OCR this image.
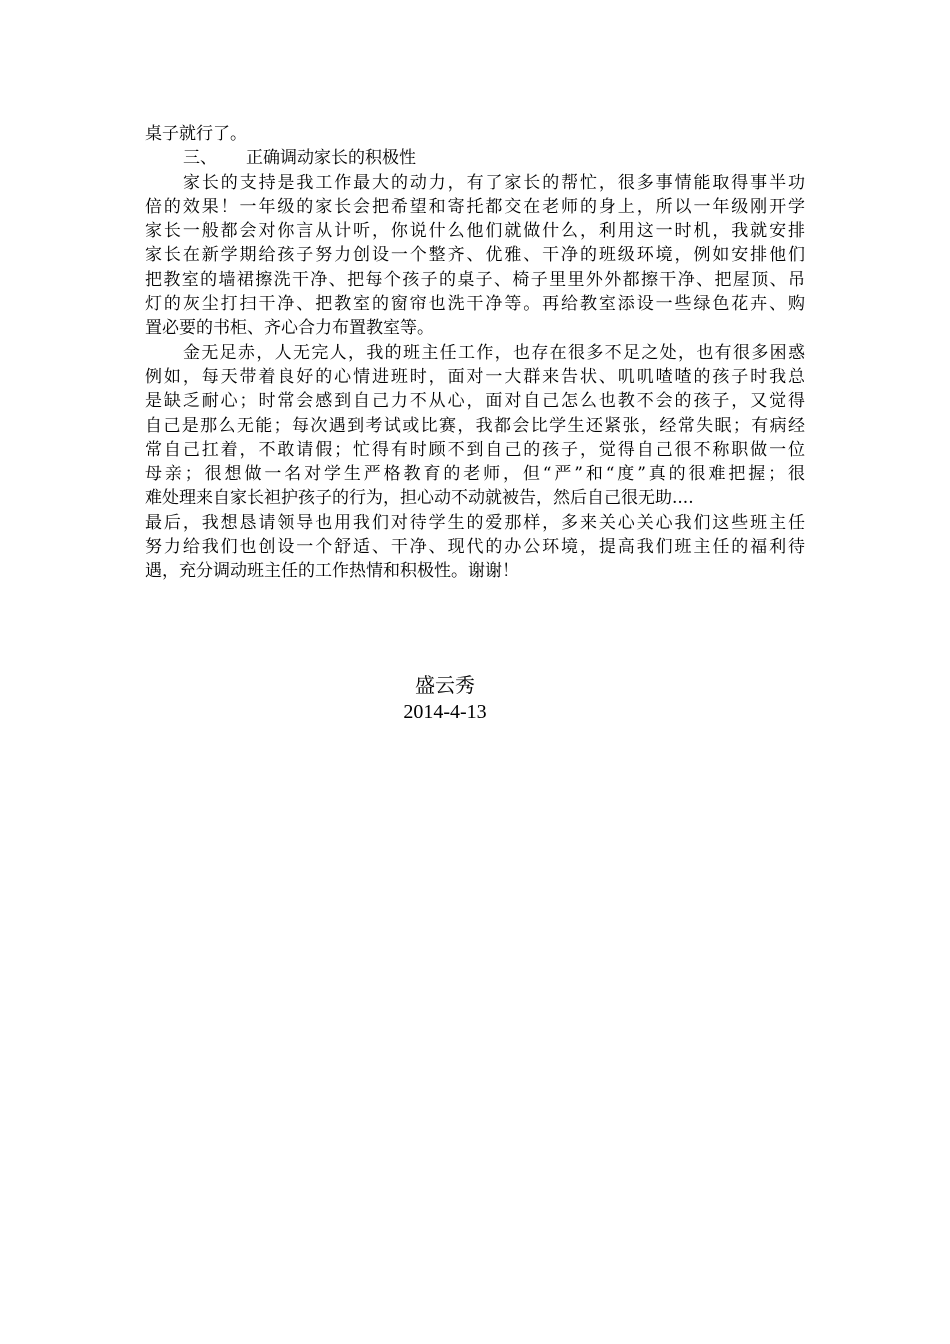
桌子就行了。
三、 正确调动家长的积极性
家长的支持是我工作最大的动力，有了家长的帮忙，很多事情能取得事半功
倍的效果！一年级的家长会把希望和寄托都交在老师的身上，所以一年级刚开学
家长一般都会对你言从计听，你说什么他们就做什么，利用这一时机，我就安排
家长在新学期给孩子努力创设一个整齐、优雅、干净的班级环境，例如安排他们
把教室的墙裙擦洗干净、把每个孩子的桌子、椅子里里外外都擦干净、把屋顶、吊
灯的灰尘打扫干净、把教室的窗帘也洗干净等。再给教室添设一些绿色花卉、购
置必要的书柜、齐心合力布置教室等。
金无足赤，人无完人，我的班主任工作，也存在很多不足之处，也有很多困惑
例如，每天带着良好的心情进班时，面对一大群来告状、叽叽喳喳的孩子时我总
是缺乏耐心；时常会感到自己力不从心，面对自己怎么也教不会的孩子，又觉得
自己是那么无能；每次遇到考试或比赛，我都会比学生还紧张，经常失眠；有病经
常自己扛着，不敢请假；忙得有时顾不到自己的孩子，觉得自己很不称职做一位
母亲；很想做一名对学生严格教育的老师，但“严”和“度”真的很难把握；很
难处理来自家长袒护孩子的行为，担心动不动就被告，然后自己很无助....
最后，我想恳请领导也用我们对待学生的爱那样，多来关心关心我们这些班主任
努力给我们也创设一个舒适、干净、现代的办公环境，提高我们班主任的福利待
遇，充分调动班主任的工作热情和积极性。谢谢！
盛云秀
2014-4-13
